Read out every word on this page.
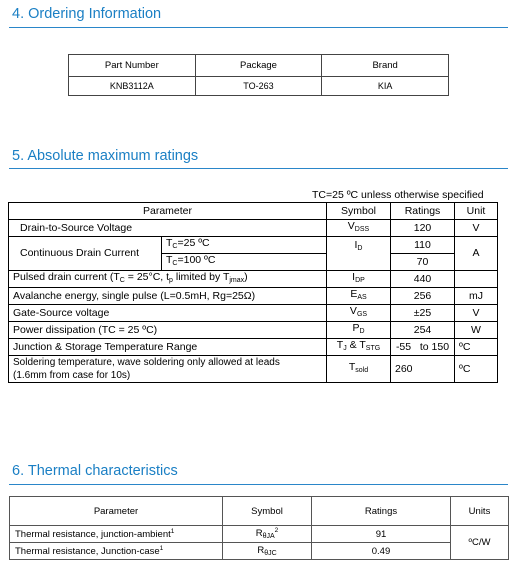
4. Ordering Information
Part Number	Package	Brand
KNB3112A	TO-263	KIA
5. Absolute maximum ratings
TC=25 ºC unless otherwise specified
Parameter		Symbol	Ratings	Unit
Drain-to-Source Voltage		$V_{DSS}$	120	V
Continuous Drain Current	$T_C=25$ ºC	$I_D$	110	A
	$T_C=100$ ºC		70	
Pulsed drain current ($T_C = 25^\circ C$, $t_p$ limited by $T_{jmax}$)		$I_{DP}$	440	
Avalanche energy, single pulse (L=0.5mH, Rg=25Ω)		$E_{AS}$	256	mJ
Gate-Source voltage		$V_{GS}$	±25	V
Power dissipation (TC = 25 ºC)		$P_D$	254	W
Junction & Storage Temperature Range		$T_J$ & $T_{STG}$	-55   to 150	ºC

Soldering temperature, wave soldering only allowed at leads
(1.6mm from case for 10s)		$T_{sold}$	260	ºC
6. Thermal characteristics
Parameter	Symbol	Ratings	Units
Thermal resistance, junction-ambient$^1$	$R_{\theta JA}^2$	91	ºC/W
Thermal resistance, Junction-case$^1$	$R_{\theta JC}$	0.49	
